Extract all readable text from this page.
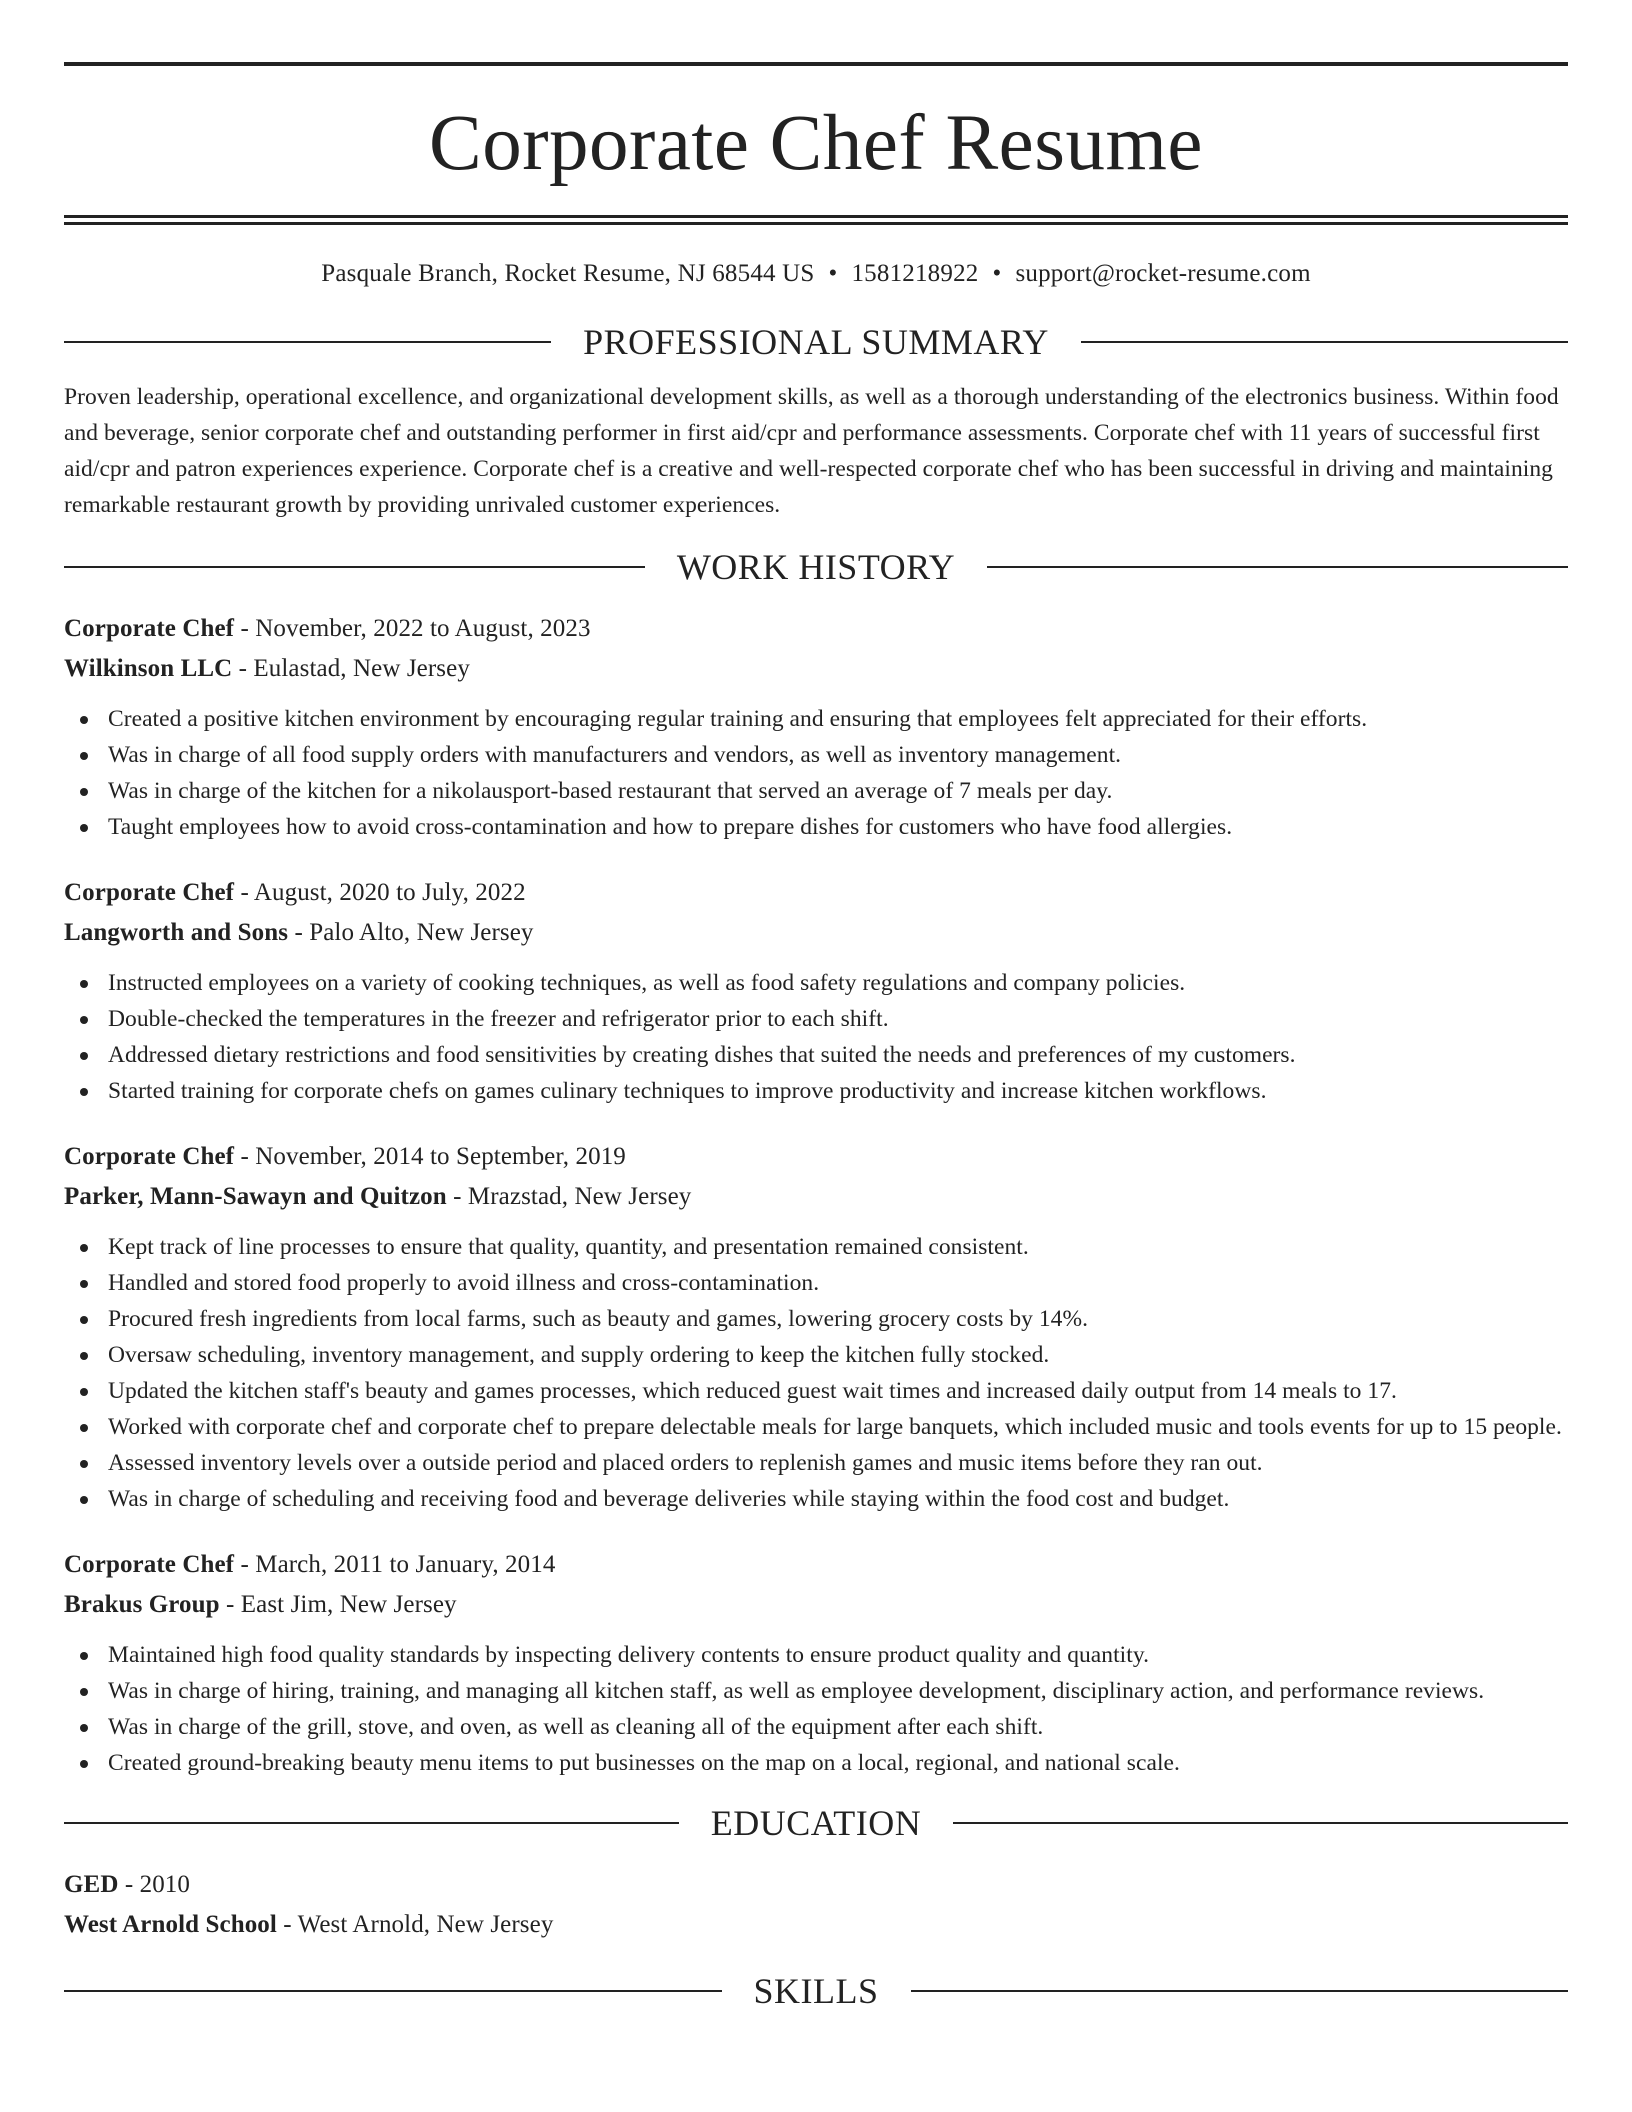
Corporate Chef Resume
Pasquale Branch, Rocket Resume, NJ 68544 US • 1581218922 • support@rocket-resume.com
PROFESSIONAL SUMMARY

Proven leadership, operational excellence, and organizational development skills, as well as a thorough understanding of the electronics business. Within food and beverage, senior corporate chef and outstanding performer in first aid/cpr and performance assessments. Corporate chef with 11 years of successful first aid/cpr and patron experiences experience. Corporate chef is a creative and well-respected corporate chef who has been successful in driving and maintaining remarkable restaurant growth by providing unrivaled customer experiences.

WORK HISTORY
Corporate Chef - November, 2022 to August, 2023
Wilkinson LLC - Eulastad, New Jersey
Created a positive kitchen environment by encouraging regular training and ensuring that employees felt appreciated for their efforts.
Was in charge of all food supply orders with manufacturers and vendors, as well as inventory management.
Was in charge of the kitchen for a nikolausport-based restaurant that served an average of 7 meals per day.
Taught employees how to avoid cross-contamination and how to prepare dishes for customers who have food allergies.
Corporate Chef - August, 2020 to July, 2022
Langworth and Sons - Palo Alto, New Jersey
Instructed employees on a variety of cooking techniques, as well as food safety regulations and company policies.
Double-checked the temperatures in the freezer and refrigerator prior to each shift.
Addressed dietary restrictions and food sensitivities by creating dishes that suited the needs and preferences of my customers.
Started training for corporate chefs on games culinary techniques to improve productivity and increase kitchen workflows.
Corporate Chef - November, 2014 to September, 2019
Parker, Mann-Sawayn and Quitzon - Mrazstad, New Jersey
Kept track of line processes to ensure that quality, quantity, and presentation remained consistent.
Handled and stored food properly to avoid illness and cross-contamination.
Procured fresh ingredients from local farms, such as beauty and games, lowering grocery costs by 14%.
Oversaw scheduling, inventory management, and supply ordering to keep the kitchen fully stocked.
Updated the kitchen staff's beauty and games processes, which reduced guest wait times and increased daily output from 14 meals to 17.
Worked with corporate chef and corporate chef to prepare delectable meals for large banquets, which included music and tools events for up to 15 people.
Assessed inventory levels over a outside period and placed orders to replenish games and music items before they ran out.
Was in charge of scheduling and receiving food and beverage deliveries while staying within the food cost and budget.
Corporate Chef - March, 2011 to January, 2014
Brakus Group - East Jim, New Jersey
Maintained high food quality standards by inspecting delivery contents to ensure product quality and quantity.
Was in charge of hiring, training, and managing all kitchen staff, as well as employee development, disciplinary action, and performance reviews.
Was in charge of the grill, stove, and oven, as well as cleaning all of the equipment after each shift.
Created ground-breaking beauty menu items to put businesses on the map on a local, regional, and national scale.
EDUCATION
GED - 2010
West Arnold School - West Arnold, New Jersey
SKILLS
